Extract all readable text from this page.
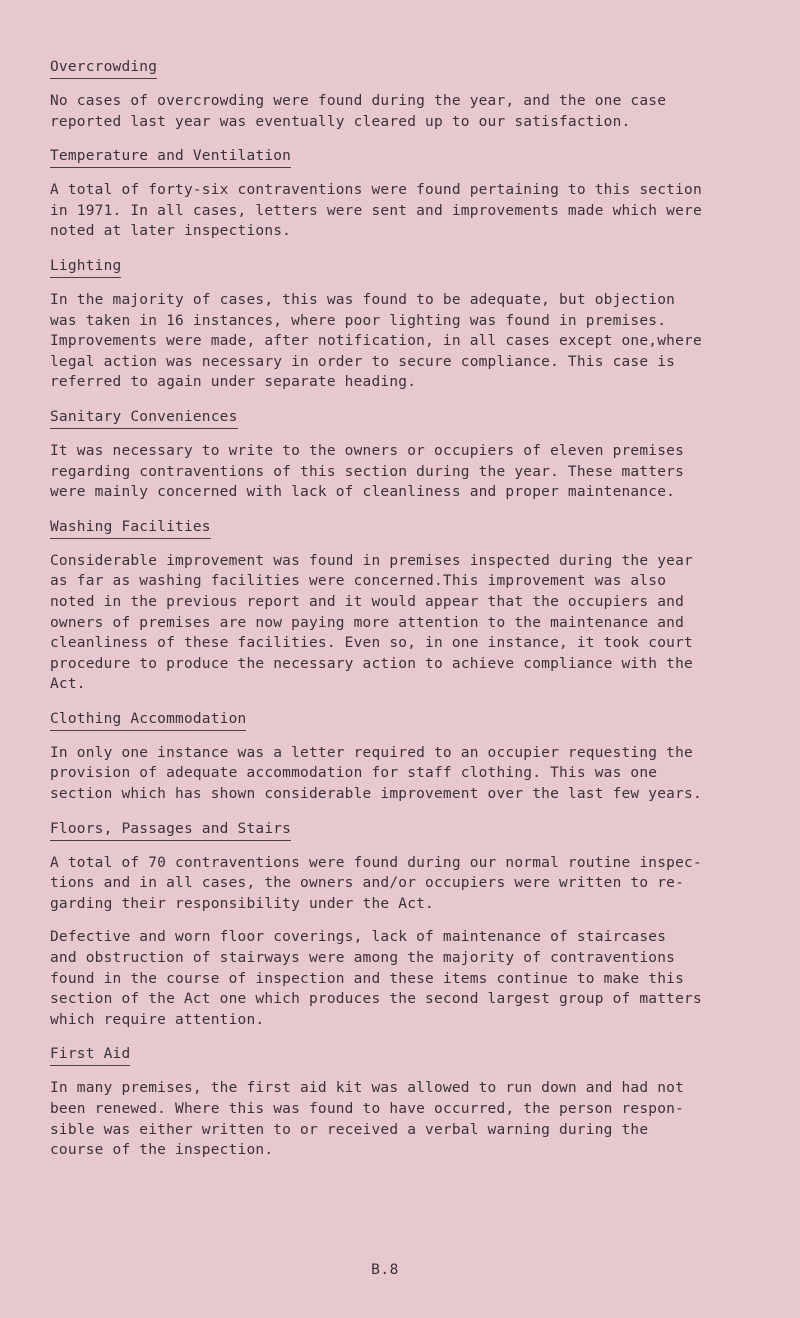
Overcrowding

No cases of overcrowding were found during the year, and the one case
reported last year was eventually cleared up to our satisfaction.

Temperature and Ventilation

A total of forty-six contraventions were found pertaining to this section
in 1971. In all cases, letters were sent and improvements made which were
noted at later inspections.

Lighting

In the majority of cases, this was found to be adequate, but objection
was taken in 16 instances, where poor lighting was found in premises.
Improvements were made, after notification, in all cases except one,where
legal action was necessary in order to secure compliance. This case is
referred to again under separate heading.

Sanitary Conveniences

It was necessary to write to the owners or occupiers of eleven premises
regarding contraventions of this section during the year. These matters
were mainly concerned with lack of cleanliness and proper maintenance.

Washing Facilities

Considerable improvement was found in premises inspected during the year
as far as washing facilities were concerned.This improvement was also
noted in the previous report and it would appear that the occupiers and
owners of premises are now paying more attention to the maintenance and
cleanliness of these facilities. Even so, in one instance, it took court
procedure to produce the necessary action to achieve compliance with the
Act.

Clothing Accommodation

In only one instance was a letter required to an occupier requesting the
provision of adequate accommodation for staff clothing. This was one
section which has shown considerable improvement over the last few years.

Floors, Passages and Stairs

A total of 70 contraventions were found during our normal routine inspec-
tions and in all cases, the owners and/or occupiers were written to re-
garding their responsibility under the Act.

Defective and worn floor coverings, lack of maintenance of staircases
and obstruction of stairways were among the majority of contraventions
found in the course of inspection and these items continue to make this
section of the Act one which produces the second largest group of matters
which require attention.

First Aid

In many premises, the first aid kit was allowed to run down and had not
been renewed. Where this was found to have occurred, the person respon-
sible was either written to or received a verbal warning during the
course of the inspection.

B.8
